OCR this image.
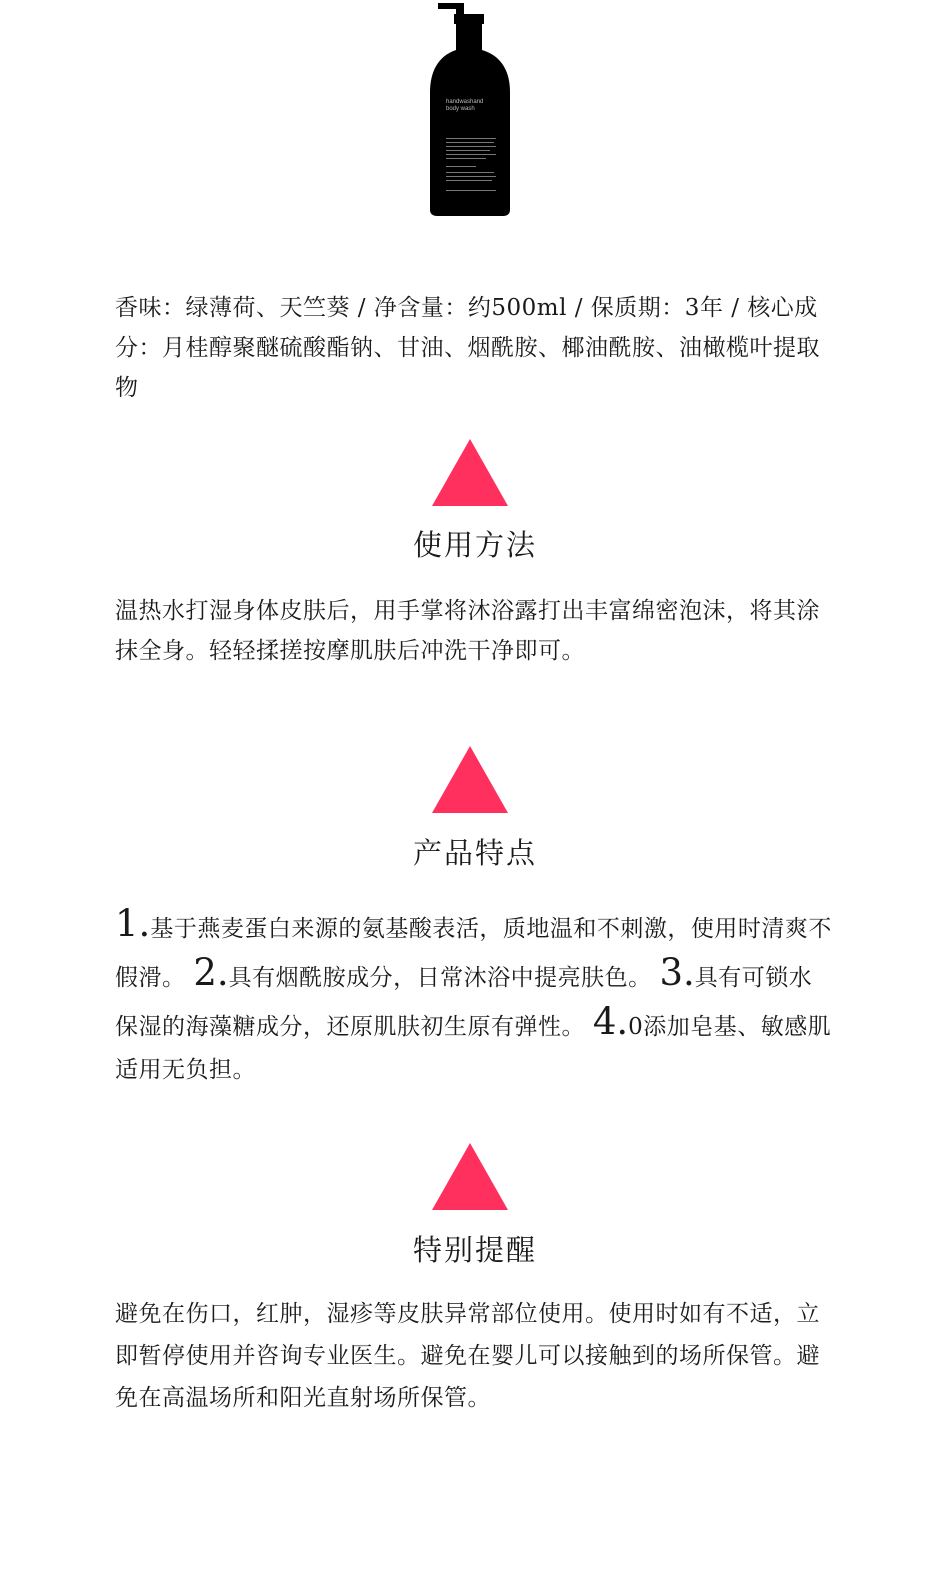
handwashand
body wash

香味：绿薄荷、天竺葵 / 净含量：约500ml / 保质期：3年 / 核心成分：月桂醇聚醚硫酸酯钠、甘油、烟酰胺、椰油酰胺、油橄榄叶提取物

使用方法

温热水打湿身体皮肤后，用手掌将沐浴露打出丰富绵密泡沫，将其涂抹全身。轻轻揉搓按摩肌肤后冲洗干净即可。

产品特点

1.基于燕麦蛋白来源的氨基酸表活，质地温和不刺激，使用时清爽不假滑。 2.具有烟酰胺成分，日常沐浴中提亮肤色。 3.具有可锁水保湿的海藻糖成分，还原肌肤初生原有弹性。 4.0添加皂基、敏感肌适用无负担。

特别提醒

避免在伤口，红肿，湿疹等皮肤异常部位使用。使用时如有不适，立即暂停使用并咨询专业医生。避免在婴儿可以接触到的场所保管。避免在高温场所和阳光直射场所保管。
